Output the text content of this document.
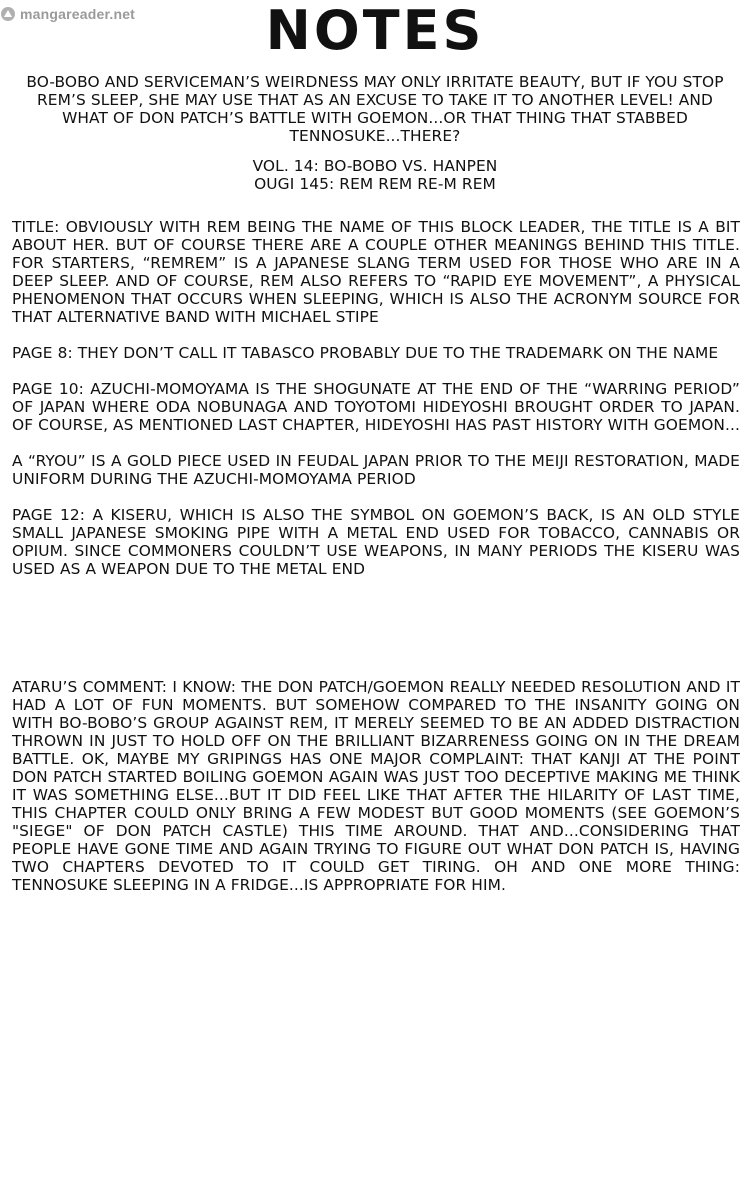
mangareader.net	NOTES

BO-BOBO AND SERVICEMAN’S WEIRDNESS MAY ONLY IRRITATE BEAUTY, BUT IF YOU STOP REM’S SLEEP, SHE MAY USE THAT AS AN EXCUSE TO TAKE IT TO ANOTHER LEVEL! AND WHAT OF DON PATCH’S BATTLE WITH GOEMON...OR THAT THING THAT STABBED TENNOSUKE...THERE?

VOL. 14: BO-BOBO VS. HANPEN
OUGI 145: REM REM RE-M REM

TITLE: OBVIOUSLY WITH REM BEING THE NAME OF THIS BLOCK LEADER, THE TITLE IS A BIT ABOUT HER. BUT OF COURSE THERE ARE A COUPLE OTHER MEANINGS BEHIND THIS TITLE. FOR STARTERS, “REMREM” IS A JAPANESE SLANG TERM USED FOR THOSE WHO ARE IN A DEEP SLEEP. AND OF COURSE, REM ALSO REFERS TO “RAPID EYE MOVEMENT”, A PHYSICAL PHENOMENON THAT OCCURS WHEN SLEEPING, WHICH IS ALSO THE ACRONYM SOURCE FOR THAT ALTERNATIVE BAND WITH MICHAEL STIPE

PAGE 8: THEY DON’T CALL IT TABASCO PROBABLY DUE TO THE TRADEMARK ON THE NAME

PAGE 10: AZUCHI-MOMOYAMA IS THE SHOGUNATE AT THE END OF THE “WARRING PERIOD” OF JAPAN WHERE ODA NOBUNAGA AND TOYOTOMI HIDEYOSHI BROUGHT ORDER TO JAPAN. OF COURSE, AS MENTIONED LAST CHAPTER, HIDEYOSHI HAS PAST HISTORY WITH GOEMON...

A “RYOU” IS A GOLD PIECE USED IN FEUDAL JAPAN PRIOR TO THE MEIJI RESTORATION, MADE UNIFORM DURING THE AZUCHI-MOMOYAMA PERIOD

PAGE 12: A KISERU, WHICH IS ALSO THE SYMBOL ON GOEMON’S BACK, IS AN OLD STYLE SMALL JAPANESE SMOKING PIPE WITH A METAL END USED FOR TOBACCO, CANNABIS OR OPIUM. SINCE COMMONERS COULDN’T USE WEAPONS, IN MANY PERIODS THE KISERU WAS USED AS A WEAPON DUE TO THE METAL END

ATARU’S COMMENT: I KNOW: THE DON PATCH/GOEMON REALLY NEEDED RESOLUTION AND IT HAD A LOT OF FUN MOMENTS. BUT SOMEHOW COMPARED TO THE INSANITY GOING ON WITH BO-BOBO’S GROUP AGAINST REM, IT MERELY SEEMED TO BE AN ADDED DISTRACTION THROWN IN JUST TO HOLD OFF ON THE BRILLIANT BIZARRENESS GOING ON IN THE DREAM BATTLE. OK, MAYBE MY GRIPINGS HAS ONE MAJOR COMPLAINT: THAT KANJI AT THE POINT DON PATCH STARTED BOILING GOEMON AGAIN WAS JUST TOO DECEPTIVE MAKING ME THINK IT WAS SOMETHING ELSE...BUT IT DID FEEL LIKE THAT AFTER THE HILARITY OF LAST TIME, THIS CHAPTER COULD ONLY BRING A FEW MODEST BUT GOOD MOMENTS (SEE GOEMON’S "SIEGE" OF DON PATCH CASTLE) THIS TIME AROUND. THAT AND...CONSIDERING THAT PEOPLE HAVE GONE TIME AND AGAIN TRYING TO FIGURE OUT WHAT DON PATCH IS, HAVING TWO CHAPTERS DEVOTED TO IT COULD GET TIRING. OH AND ONE MORE THING: TENNOSUKE SLEEPING IN A FRIDGE...IS APPROPRIATE FOR HIM.
